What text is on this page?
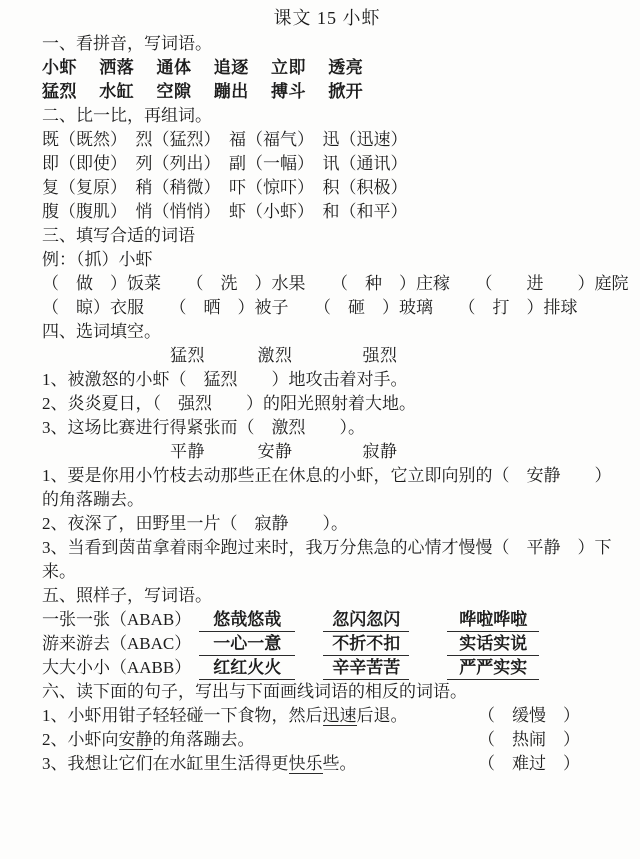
课文 15 小虾
一、看拼音，写词语。
小虾　 洒落　 通体　 追逐　 立即　 透亮
猛烈　 水缸　 空隙　 蹦出　 搏斗　 掀开
二、比一比，再组词。
既（既然）　烈（猛烈）　福（福气）　迅（迅速）
即（即使）　列（列出）　副（一幅）　讯（通讯）
复（复原）　稍（稍微）　吓（惊吓）　积（积极）
腹（腹肌）　悄（悄悄）　虾（小虾）　和（和平）
三、填写合适的词语
例：（抓）小虾
（　做　）饭菜　　（　洗　）水果　　（　种　）庄稼　　（　　进　　）庭院
（　晾）衣服　　（　晒　）被子　　（　砸　）玻璃　　（　打　）排球
四、选词填空。
猛烈　　　激烈　　　　强烈
1、被激怒的小虾（　猛烈　　）地攻击着对手。
2、炎炎夏日，（　强烈　　）的阳光照射着大地。
3、这场比赛进行得紧张而（　激烈　　）。
平静　　　安静　　　　寂静
1、要是你用小竹枝去动那些正在休息的小虾，它立即向别的（　安静　　）
的角落蹦去。
2、夜深了，田野里一片（　寂静　　）。
3、当看到茵苗拿着雨伞跑过来时，我万分焦急的心情才慢慢（　平静　）下
来。
五、照样子，写词语。
一张一张（ABAB）	悠哉悠哉	忽闪忽闪	哗啦哗啦
游来游去（ABAC）	一心一意	不折不扣	实话实说
大大小小（AABB）	红红火火	辛辛苦苦	严严实实
六、读下面的句子，写出与下面画线词语的相反的词语。
1、小虾用钳子轻轻碰一下食物，然后迅速后退。	（　缓慢　）
2、小虾向安静的角落蹦去。	（　热闹　）
3、我想让它们在水缸里生活得更快乐些。	（　难过　）
